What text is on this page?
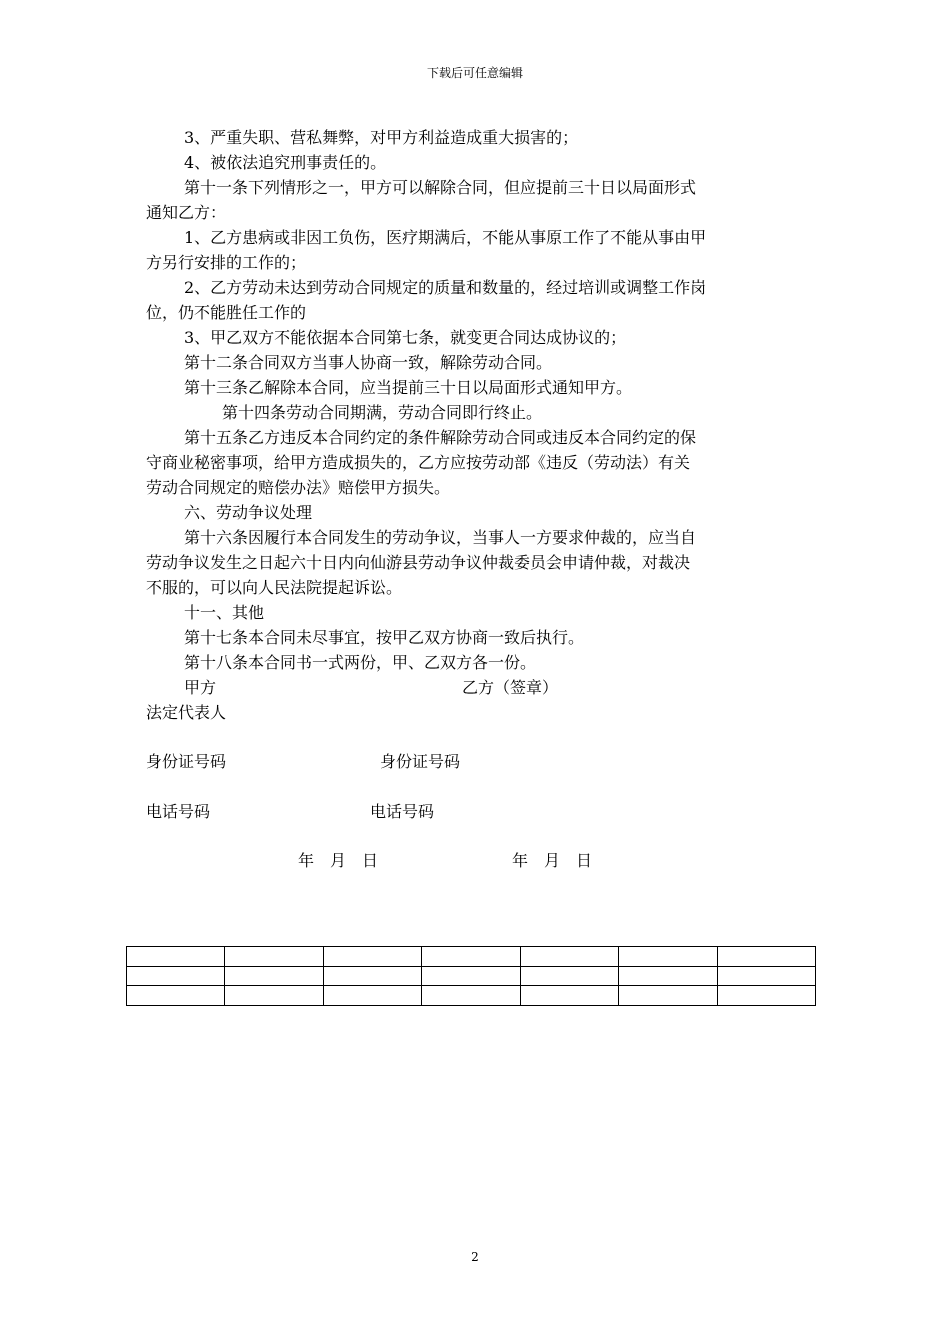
下载后可任意编辑
3、严重失职、营私舞弊，对甲方利益造成重大损害的；
4、被依法追究刑事责任的。
第十一条下列情形之一，甲方可以解除合同，但应提前三十日以局面形式
通知乙方：
1、乙方患病或非因工负伤，医疗期满后，不能从事原工作了不能从事由甲
方另行安排的工作的；
2、乙方劳动未达到劳动合同规定的质量和数量的，经过培训或调整工作岗
位，仍不能胜任工作的
3、甲乙双方不能依据本合同第七条，就变更合同达成协议的；
第十二条合同双方当事人协商一致，解除劳动合同。
第十三条乙解除本合同，应当提前三十日以局面形式通知甲方。
第十四条劳动合同期满，劳动合同即行终止。
第十五条乙方违反本合同约定的条件解除劳动合同或违反本合同约定的保
守商业秘密事项，给甲方造成损失的，乙方应按劳动部《违反（劳动法）有关
劳动合同规定的赔偿办法》赔偿甲方损失。
六、劳动争议处理
第十六条因履行本合同发生的劳动争议，当事人一方要求仲裁的，应当自
劳动争议发生之日起六十日内向仙游县劳动争议仲裁委员会申请仲裁，对裁决
不服的，可以向人民法院提起诉讼。
十一、其他
第十七条本合同未尽事宜，按甲乙双方协商一致后执行。
第十八条本合同书一式两份，甲、乙双方各一份。
甲方	乙方（签章）
法定代表人
身份证号码	身份证号码
电话号码	电话号码
年　月　日	年　月　日

2
